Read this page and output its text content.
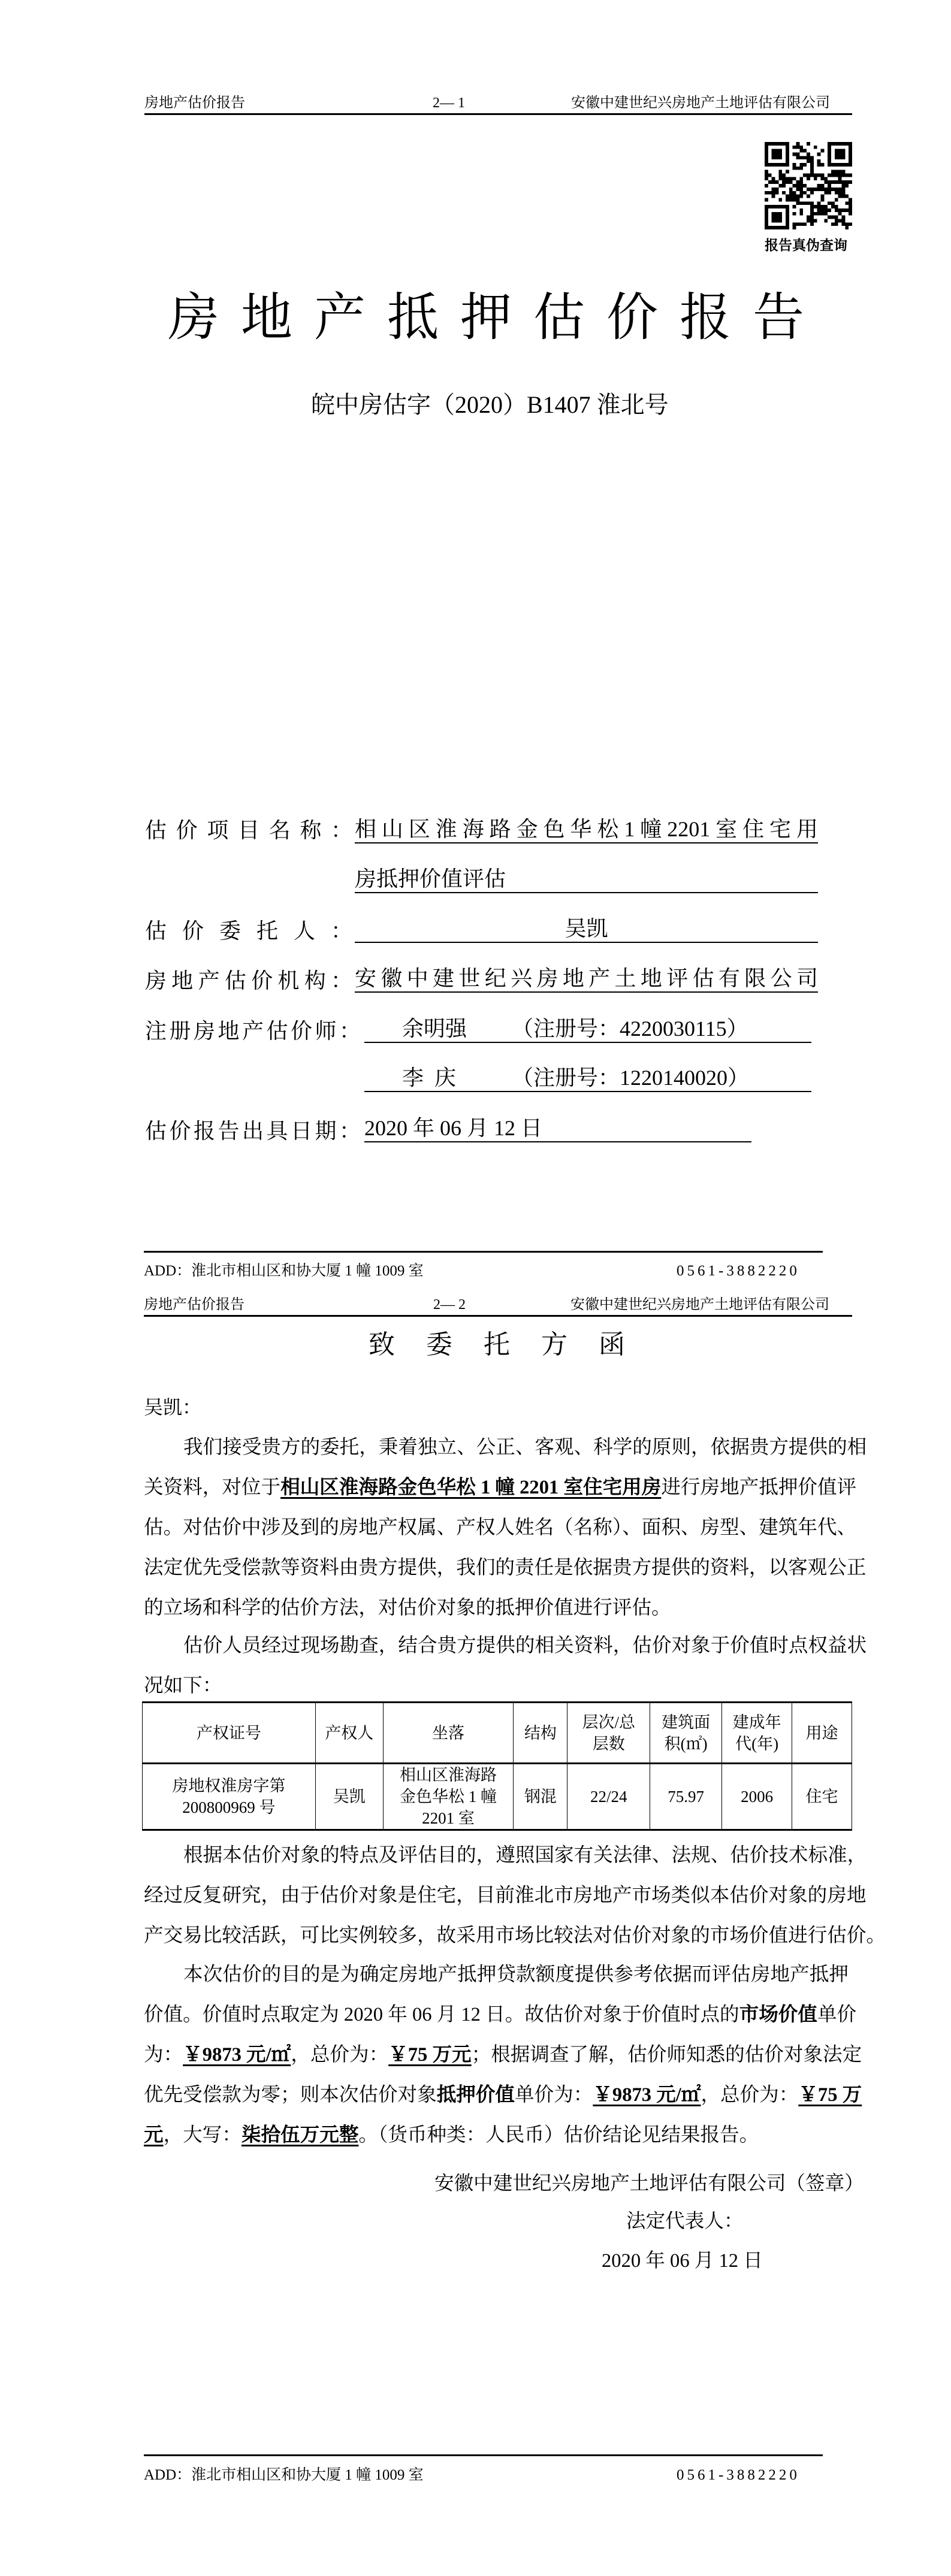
房地产估价报告	2— 1	安徽中建世纪兴房地产土地评估有限公司
报告真伪查询
房地产抵押估价报告
皖中房估字（2020）B1407 淮北号
估价项目名称： 相山区淮海路金色华松1幢2201室住宅用
房抵押价值评估
估价委托人：	吴凯
房地产估价机构： 安徽中建世纪兴房地产土地评估有限公司
注册房地产估价师： 余明强 （注册号：4220030115）
李  庆	（注册号：1220140020）
估价报告出具日期： 2020 年 06 月 12 日
ADD：淮北市相山区和协大厦 1 幢 1009 室	0561-3882220
房地产估价报告	2— 2	安徽中建世纪兴房地产土地评估有限公司
致委托方函
吴凯：
我们接受贵方的委托，秉着独立、公正、客观、科学的原则，依据贵方提供的相
关资料，对位于相山区淮海路金色华松 1 幢 2201 室住宅用房进行房地产抵押价值评
估。对估价中涉及到的房地产权属、产权人姓名（名称）、面积、房型、建筑年代、
法定优先受偿款等资料由贵方提供，我们的责任是依据贵方提供的资料，以客观公正
的立场和科学的估价方法，对估价对象的抵押价值进行评估。
估价人员经过现场勘查，结合贵方提供的相关资料，估价对象于价值时点权益状
况如下：
产权证号	产权人	坐落	结构	层次/总
层数	建筑面
积(㎡)	建成年
代(年)	用途
房地权淮房字第
200800969 号	吴凯	相山区淮海路
金色华松 1 幢
2201 室	钢混	22/24	75.97	2006	住宅
根据本估价对象的特点及评估目的，遵照国家有关法律、法规、估价技术标准，
经过反复研究，由于估价对象是住宅，目前淮北市房地产市场类似本估价对象的房地
产交易比较活跃，可比实例较多，故采用市场比较法对估价对象的市场价值进行估价。
本次估价的目的是为确定房地产抵押贷款额度提供参考依据而评估房地产抵押
价值。价值时点取定为 2020 年 06 月 12 日。故估价对象于价值时点的市场价值单价
为：￥9873 元/㎡，总价为：￥75 万元；根据调查了解，估价师知悉的估价对象法定
优先受偿款为零；则本次估价对象抵押价值单价为：￥9873 元/㎡，总价为：￥75 万
元，大写：柒拾伍万元整。（货币种类：人民币）估价结论见结果报告。
安徽中建世纪兴房地产土地评估有限公司（签章）
法定代表人：
2020 年 06 月 12 日
ADD：淮北市相山区和协大厦 1 幢 1009 室	0561-3882220
